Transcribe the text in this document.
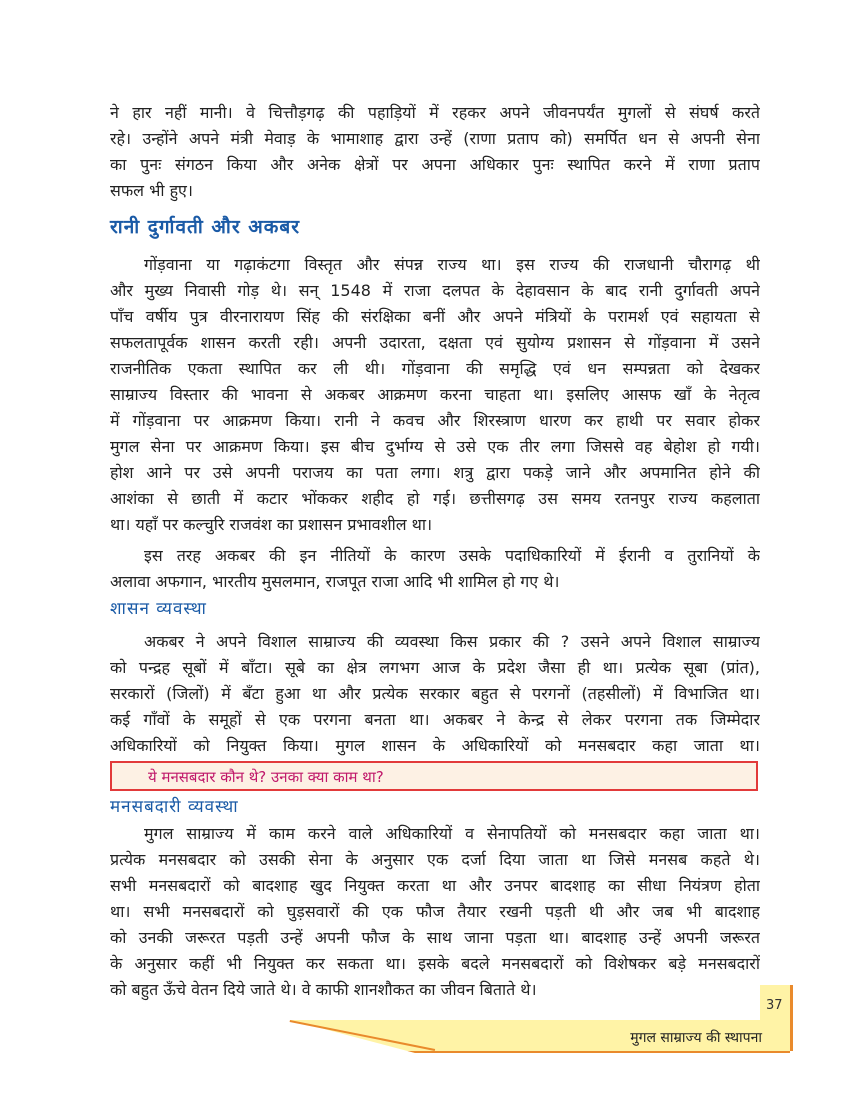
ने हार नहीं मानी। वे चित्तौड़गढ़ की पहाड़ियों में रहकर अपने जीवनपर्यंत मुगलों से संघर्ष करते
रहे। उन्होंने अपने मंत्री मेवाड़ के भामाशाह द्वारा उन्हें (राणा प्रताप को) समर्पित धन से अपनी सेना
का पुनः संगठन किया और अनेक क्षेत्रों पर अपना अधिकार पुनः स्थापित करने में राणा प्रताप
सफल भी हुए।
रानी दुर्गावती और अकबर
गोंड़वाना या गढ़ाकंटगा विस्तृत और संपन्न राज्य था। इस राज्य की राजधानी चौरागढ़ थी
और मुख्य निवासी गोड़ थे। सन् 1548 में राजा दलपत के देहावसान के बाद रानी दुर्गावती अपने
पाँच वर्षीय पुत्र वीरनारायण सिंह की संरक्षिका बनीं और अपने मंत्रियों के परामर्श एवं सहायता से
सफलतापूर्वक शासन करती रही। अपनी उदारता, दक्षता एवं सुयोग्य प्रशासन से गोंड़वाना में उसने
राजनीतिक एकता स्थापित कर ली थी। गोंड़वाना की समृद्धि एवं धन सम्पन्नता को देखकर
साम्राज्य विस्तार की भावना से अकबर आक्रमण करना चाहता था। इसलिए आसफ खाँ के नेतृत्व
में गोंड़वाना पर आक्रमण किया। रानी ने कवच और शिरस्त्राण धारण कर हाथी पर सवार होकर
मुगल सेना पर आक्रमण किया। इस बीच दुर्भाग्य से उसे एक तीर लगा जिससे वह बेहोश हो गयी।
होश आने पर उसे अपनी पराजय का पता लगा। शत्रु द्वारा पकड़े जाने और अपमानित होने की
आशंका से छाती में कटार भोंककर शहीद हो गई। छत्तीसगढ़ उस समय रतनपुर राज्य कहलाता
था। यहाँ पर कल्चुरि राजवंश का प्रशासन प्रभावशील था।
इस तरह अकबर की इन नीतियों के कारण उसके पदाधिकारियों में ईरानी व तुरानियों के
अलावा अफगान, भारतीय मुसलमान, राजपूत राजा आदि भी शामिल हो गए थे।
शासन व्यवस्था
अकबर ने अपने विशाल साम्राज्य की व्यवस्था किस प्रकार की ? उसने अपने विशाल साम्राज्य
को पन्द्रह सूबों में बाँटा। सूबे का क्षेत्र लगभग आज के प्रदेश जैसा ही था। प्रत्येक सूबा (प्रांत),
सरकारों (जिलों) में बँटा हुआ था और प्रत्येक सरकार बहुत से परगनों (तहसीलों) में विभाजित था।
कई गाँवों के समूहों से एक परगना बनता था। अकबर ने केन्द्र से लेकर परगना तक जिम्मेदार
अधिकारियों को नियुक्त किया। मुगल शासन के अधिकारियों को मनसबदार कहा जाता था।
ये मनसबदार कौन थे? उनका क्या काम था?
मनसबदारी व्यवस्था
मुगल साम्राज्य में काम करने वाले अधिकारियों व सेनापतियों को मनसबदार कहा जाता था।
प्रत्येक मनसबदार को उसकी सेना के अनुसार एक दर्जा दिया जाता था जिसे मनसब कहते थे।
सभी मनसबदारों को बादशाह खुद नियुक्त करता था और उनपर बादशाह का सीधा नियंत्रण होता
था। सभी मनसबदारों को घुड़सवारों की एक फौज तैयार रखनी पड़ती थी और जब भी बादशाह
को उनकी जरूरत पड़ती उन्हें अपनी फौज के साथ जाना पड़ता था। बादशाह उन्हें अपनी जरूरत
के अनुसार कहीं भी नियुक्त कर सकता था। इसके बदले मनसबदारों को विशेषकर बड़े मनसबदारों
को बहुत ऊँचे वेतन दिये जाते थे। वे काफी शानशौकत का जीवन बिताते थे।
37
मुगल साम्राज्य की स्थापना
